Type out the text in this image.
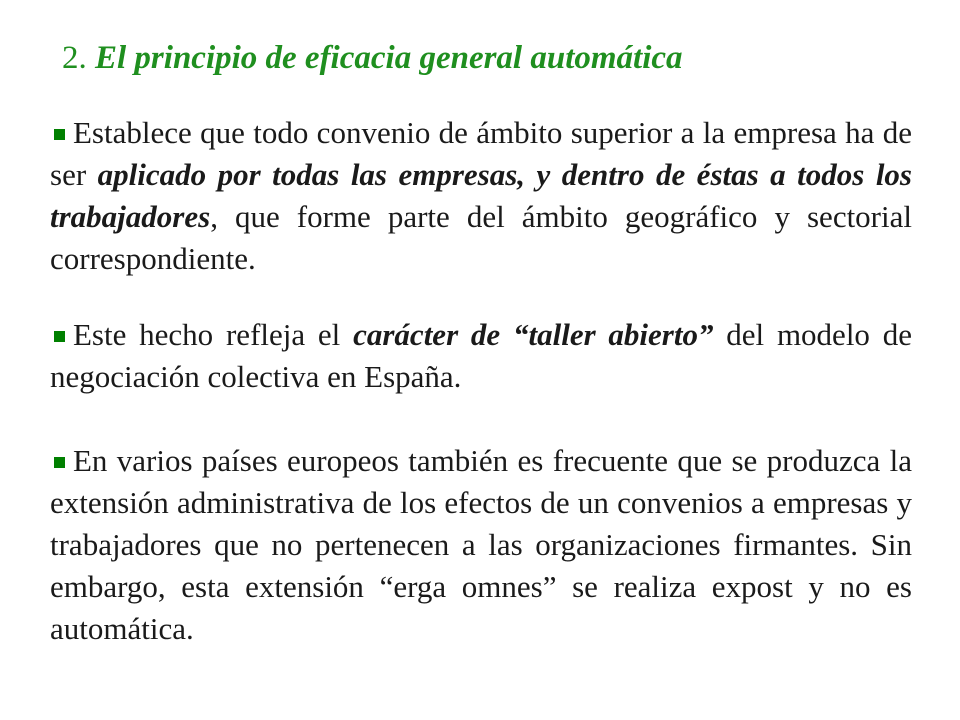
2. El principio de eficacia general automática
Establece que todo convenio de ámbito superior a la empresa ha de ser aplicado por todas las empresas, y dentro de éstas a todos los trabajadores, que forme parte del ámbito geográfico y sectorial correspondiente.
Este hecho refleja el carácter de “taller abierto” del modelo de negociación colectiva en España.
En varios países europeos también es frecuente que se produzca la extensión administrativa de los efectos de un convenios a empresas y trabajadores que no pertenecen a las organizaciones firmantes. Sin embargo, esta extensión “erga omnes” se realiza expost y no es automática.
